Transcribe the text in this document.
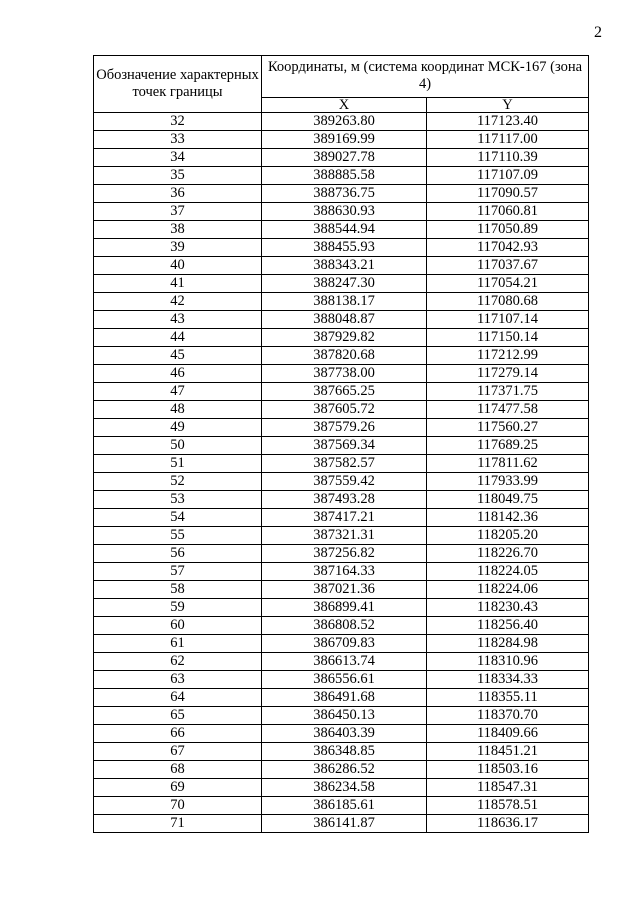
2
Обозначение характерных точек границы	Координаты, м (система координат МСК-167 (зона 4)	
	X	Y
32	389263.80	117123.40
33	389169.99	117117.00
34	389027.78	117110.39
35	388885.58	117107.09
36	388736.75	117090.57
37	388630.93	117060.81
38	388544.94	117050.89
39	388455.93	117042.93
40	388343.21	117037.67
41	388247.30	117054.21
42	388138.17	117080.68
43	388048.87	117107.14
44	387929.82	117150.14
45	387820.68	117212.99
46	387738.00	117279.14
47	387665.25	117371.75
48	387605.72	117477.58
49	387579.26	117560.27
50	387569.34	117689.25
51	387582.57	117811.62
52	387559.42	117933.99
53	387493.28	118049.75
54	387417.21	118142.36
55	387321.31	118205.20
56	387256.82	118226.70
57	387164.33	118224.05
58	387021.36	118224.06
59	386899.41	118230.43
60	386808.52	118256.40
61	386709.83	118284.98
62	386613.74	118310.96
63	386556.61	118334.33
64	386491.68	118355.11
65	386450.13	118370.70
66	386403.39	118409.66
67	386348.85	118451.21
68	386286.52	118503.16
69	386234.58	118547.31
70	386185.61	118578.51
71	386141.87	118636.17
